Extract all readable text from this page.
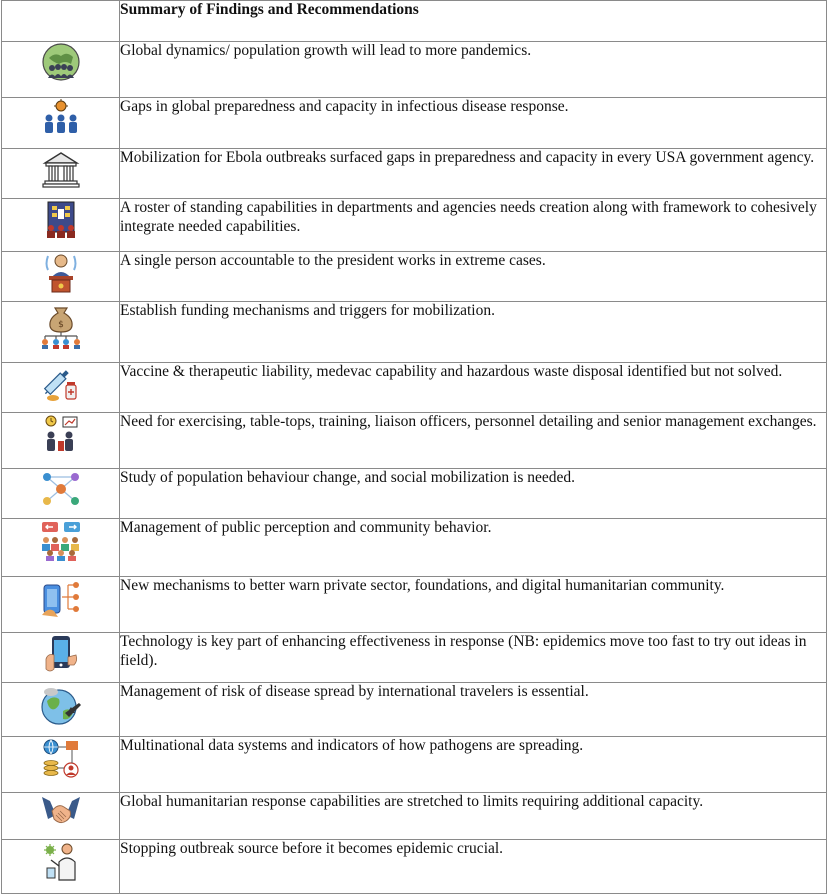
	Summary of Findings and Recommendations

	Global dynamics/ population growth will lead to more pandemics.

	Gaps in global preparedness and capacity in infectious disease response.

	Mobilization for Ebola outbreaks surfaced gaps in preparedness and capacity in every USA government agency.

	A roster of standing capabilities in departments and agencies needs creation along with framework to cohesively integrate needed capabilities.

	A single person accountable to the president works in extreme cases.

$	Establish funding mechanisms and triggers for mobilization.

	Vaccine & therapeutic liability, medevac capability and hazardous waste disposal identified but not solved.

	Need for exercising, table-tops, training, liaison officers, personnel detailing and senior management exchanges.

	Study of population behaviour change, and social mobilization is needed.

	Management of public perception and community behavior.

	New mechanisms to better warn private sector, foundations, and digital humanitarian community.

	Technology is key part of enhancing effectiveness in response (NB: epidemics move too fast to try out ideas in field).

	Management of risk of disease spread by international travelers is essential.

	Multinational data systems and indicators of how pathogens are spreading.

	Global humanitarian response capabilities are stretched to limits requiring additional capacity.

	Stopping outbreak source before it becomes epidemic crucial.
